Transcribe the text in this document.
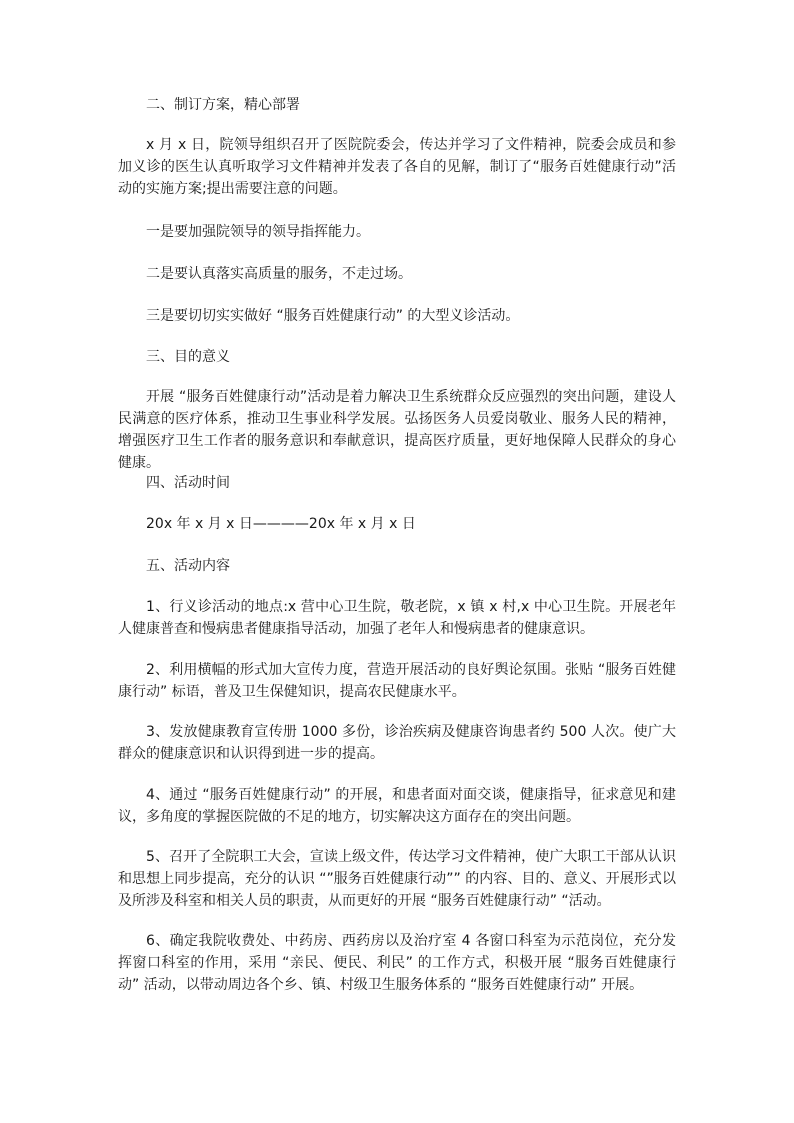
二、制订方案，精心部署

x 月 x 日，院领导组织召开了医院院委会，传达并学习了文件精神，院委会成员和参加义诊的医生认真听取学习文件精神并发表了各自的见解，制订了“服务百姓健康行动”活动的实施方案;提出需要注意的问题。

一是要加强院领导的领导指挥能力。

二是要认真落实高质量的服务，不走过场。

三是要切切实实做好 “服务百姓健康行动” 的大型义诊活动。

三、目的意义

开展 “服务百姓健康行动”活动是着力解决卫生系统群众反应强烈的突出问题，建设人民满意的医疗体系，推动卫生事业科学发展。弘扬医务人员爱岗敬业、服务人民的精神，增强医疗卫生工作者的服务意识和奉献意识，提高医疗质量，更好地保障人民群众的身心健康。

四、活动时间

20x 年 x 月 x 日————20x 年 x 月 x 日

五、活动内容

1、行义诊活动的地点:x 营中心卫生院，敬老院，x 镇 x 村,x 中心卫生院。开展老年人健康普查和慢病患者健康指导活动，加强了老年人和慢病患者的健康意识。

2、利用横幅的形式加大宣传力度，营造开展活动的良好舆论氛围。张贴 “服务百姓健康行动” 标语，普及卫生保健知识，提高农民健康水平。

3、发放健康教育宣传册 1000 多份，诊治疾病及健康咨询患者约 500 人次。使广大群众的健康意识和认识得到进一步的提高。

4、通过 “服务百姓健康行动” 的开展，和患者面对面交谈，健康指导，征求意见和建议，多角度的掌握医院做的不足的地方，切实解决这方面存在的突出问题。

5、召开了全院职工大会，宣读上级文件，传达学习文件精神，使广大职工干部从认识和思想上同步提高，充分的认识 “”服务百姓健康行动”” 的内容、目的、意义、开展形式以及所涉及科室和相关人员的职责，从而更好的开展 “服务百姓健康行动” “活动。

6、确定我院收费处、中药房、西药房以及治疗室 4 各窗口科室为示范岗位，充分发挥窗口科室的作用，采用 “亲民、便民、利民” 的工作方式，积极开展 “服务百姓健康行动” 活动，以带动周边各个乡、镇、村级卫生服务体系的 “服务百姓健康行动” 开展。
